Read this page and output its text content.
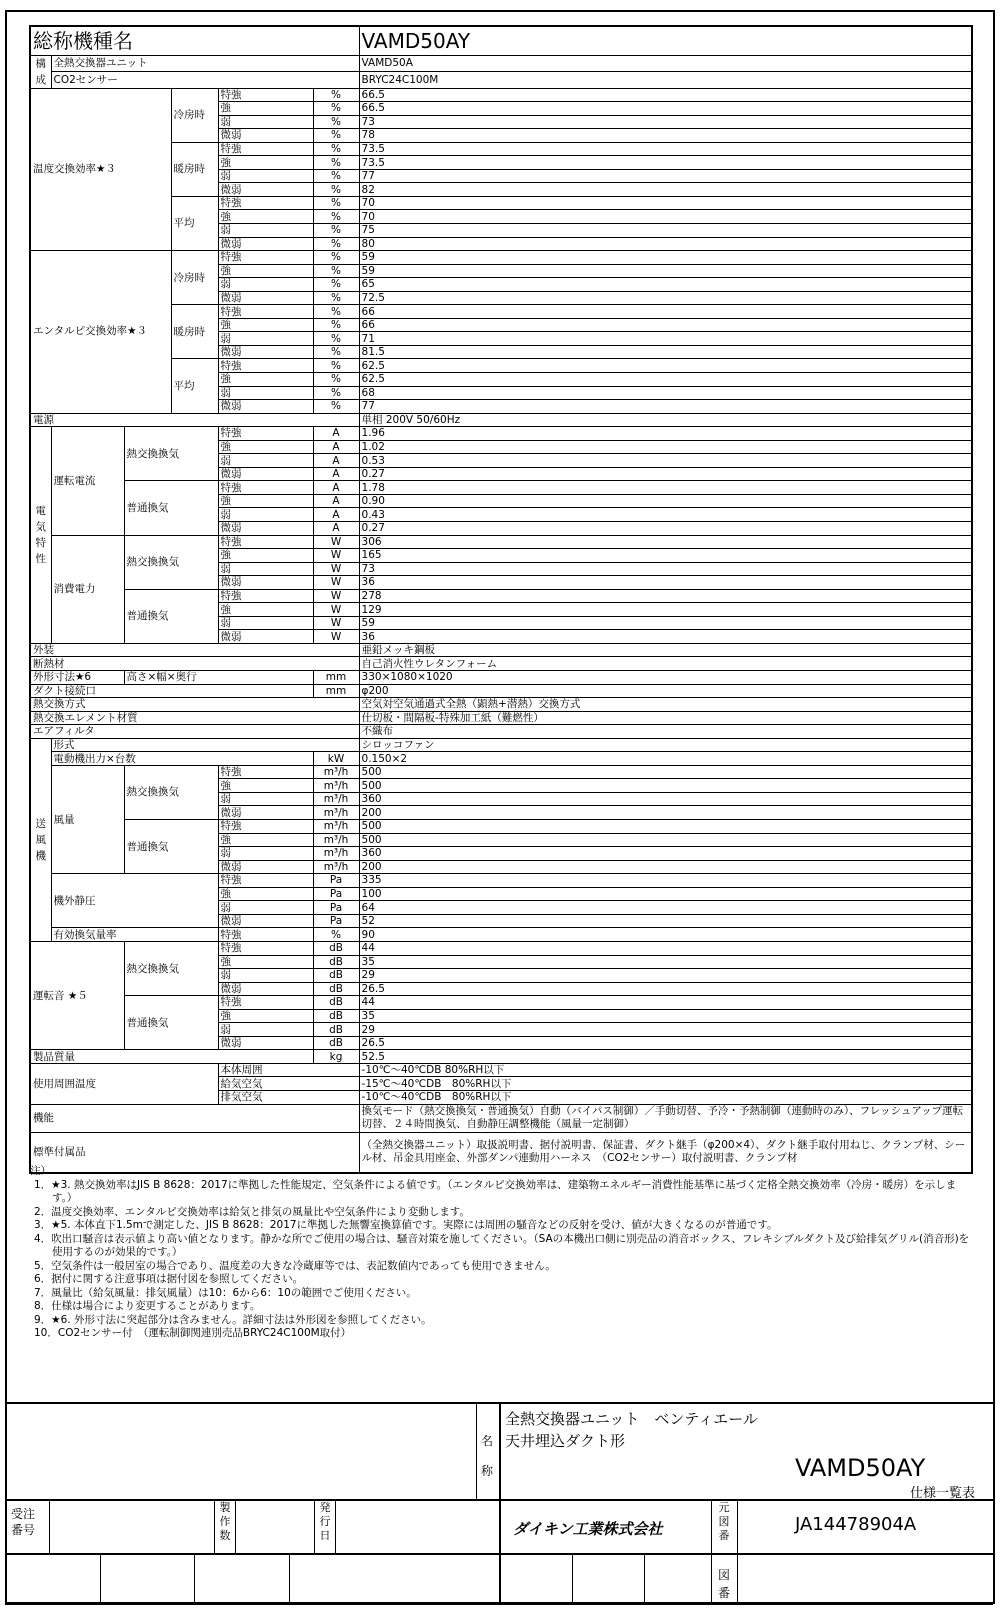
総称機種名						VAMD50AY
構成	全熱交換器ユニット					VAMD50A
	CO2センサー					BRYC24C100M
温度交換効率★３			冷房時	特強	%	66.5
				強	%	66.5
				弱	%	73
				微弱	%	78
			暖房時	特強	%	73.5
				強	%	73.5
				弱	%	77
				微弱	%	82
			平均	特強	%	70
				強	%	70
				弱	%	75
				微弱	%	80
エンタルピ交換効率★３			冷房時	特強	%	59
				強	%	59
				弱	%	65
				微弱	%	72.5
			暖房時	特強	%	66
				強	%	66
				弱	%	71
				微弱	%	81.5
			平均	特強	%	62.5
				強	%	62.5
				弱	%	68
				微弱	%	77
電源						単相 200V 50/60Hz
電気特性	運転電流	熱交換換気		特強	A	1.96
				強	A	1.02
				弱	A	0.53
				微弱	A	0.27
		普通換気		特強	A	1.78
				強	A	0.90
				弱	A	0.43
				微弱	A	0.27
	消費電力	熱交換換気		特強	W	306
				強	W	165
				弱	W	73
				微弱	W	36
		普通換気		特強	W	278
				強	W	129
				弱	W	59
				微弱	W	36
外装						亜鉛メッキ鋼板
断熱材						自己消火性ウレタンフォーム
外形寸法★6		高さ×幅×奥行			mm	330×1080×1020
ダクト接続口					mm	φ200
熱交換方式						空気対空気通過式全熱（顕熱+潜熱）交換方式
熱交換エレメント材質						仕切板・間隔板-特殊加工紙（難燃性）
エアフィルタ						不織布
送風機	形式					シロッコファン
	電動機出力×台数				kW	0.150×2
	風量	熱交換換気		特強	m³/h	500
				強	m³/h	500
				弱	m³/h	360
				微弱	m³/h	200
		普通換気		特強	m³/h	500
				強	m³/h	500
				弱	m³/h	360
				微弱	m³/h	200
	機外静圧			特強	Pa	335
				強	Pa	100
				弱	Pa	64
				微弱	Pa	52
	有効換気量率			特強	%	90
運転音 ★５		熱交換換気		特強	dB	44
				強	dB	35
				弱	dB	29
				微弱	dB	26.5
		普通換気		特強	dB	44
				強	dB	35
				弱	dB	29
				微弱	dB	26.5
製品質量					kg	52.5
使用周囲温度				本体周囲		-10℃～40℃DB 80%RH以下
				給気空気		-15℃～40℃DB　80%RH以下
				排気空気		-10℃～40℃DB　80%RH以下
機能						換気モード（熱交換換気・普通換気）自動（バイパス制御）／手動切替、予冷・予熱制御（連動時のみ）、フレッシュアップ運転切替、２４時間換気、自動静圧調整機能（風量一定制御）
標準付属品						（全熱交換器ユニット）取扱説明書、据付説明書、保証書、ダクト継手（φ200×4）、ダクト継手取付用ねじ、クランプ材、シール材、吊金具用座金、外部ダンパ連動用ハーネス　（CO2センサー）取付説明書、クランプ材
注）
1．★3. 熱交換効率はJIS B 8628：2017に準拠した性能規定、空気条件による値です。（エンタルピ交換効率は、建築物エネルギー消費性能基準に基づく定格全熱交換効率（冷房・暖房）を示します。）
2．温度交換効率、エンタルピ交換効率は給気と排気の風量比や空気条件により変動します。
3．★5. 本体直下1.5mで測定した、JIS B 8628：2017に準拠した無響室換算値です。実際には周囲の騒音などの反射を受け、値が大きくなるのが普通です。
4．吹出口騒音は表示値より高い値となります。静かな所でご使用の場合は、騒音対策を施してください。（SAの本機出口側に別売品の消音ボックス、フレキシブルダクト及び給排気グリル(消音形)を使用するのが効果的です。）
5．空気条件は一般居室の場合であり、温度差の大きな冷蔵庫等では、表記数値内であっても使用できません。
6．据付に関する注意事項は据付図を参照してください。
7．風量比（給気風量：排気風量）は10：6から6：10の範囲でご使用ください。
8．仕様は場合により変更することがあります。
9．★6. 外形寸法に突起部分は含みません。詳細寸法は外形図を参照してください。
10．CO2センサー付　（運転制御関連別売品BRYC24C100M取付）
名称
全熱交換器ユニット　ベンティエール
天井埋込ダクト形
VAMD50AY
仕様一覧表
受注番号
製作数
発行日	ダイキン工業株式会社
元図番
JA14478904A
図番
